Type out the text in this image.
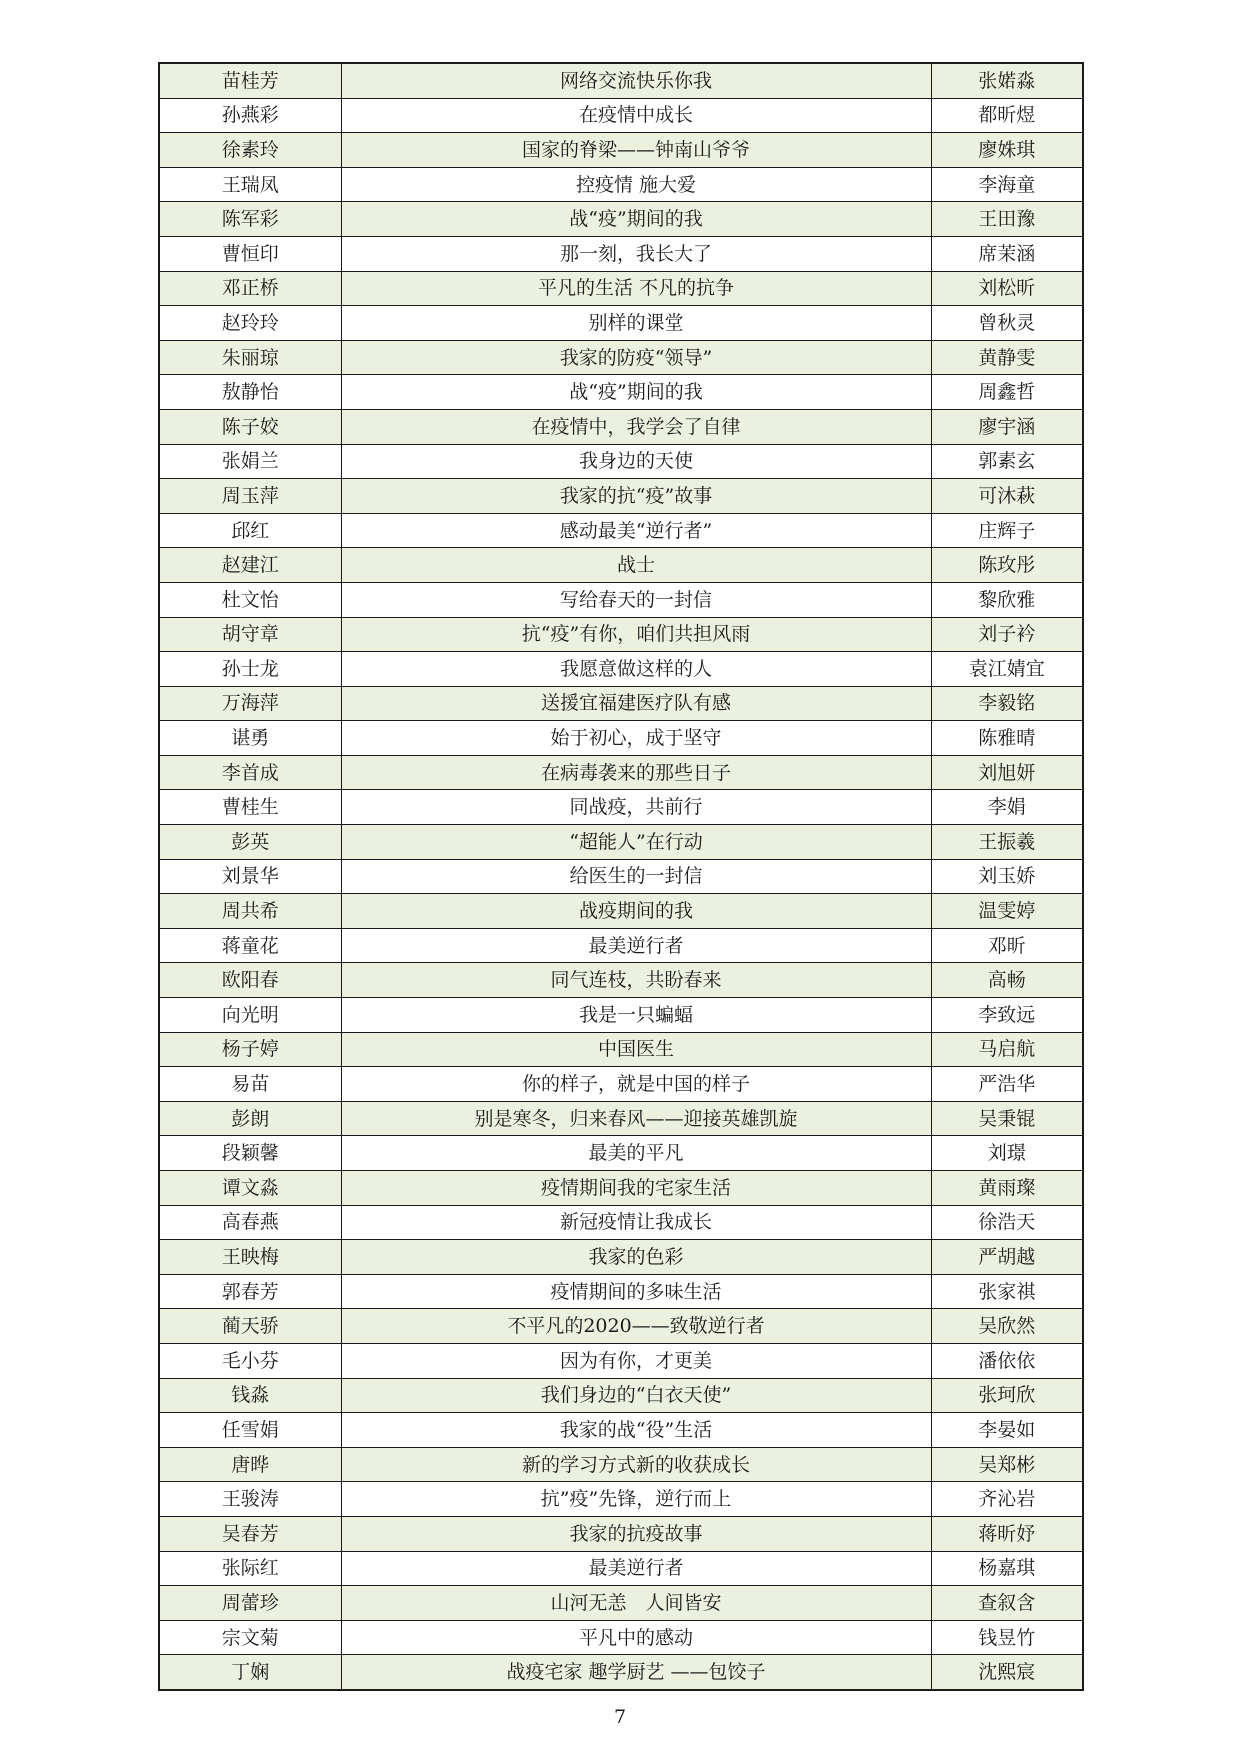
苗桂芳	网络交流快乐你我	张婼淼
孙燕彩	在疫情中成长	都昕煜
徐素玲	国家的脊梁——钟南山爷爷	廖姝琪
王瑞凤	控疫情 施大爱	李海童
陈军彩	战“疫”期间的我	王田豫
曹恒印	那一刻，我长大了	席茉涵
邓正桥	平凡的生活 不凡的抗争	刘松昕
赵玲玲	别样的课堂	曾秋灵
朱丽琼	我家的防疫“领导”	黄静雯
敖静怡	战“疫”期间的我	周鑫哲
陈子姣	在疫情中，我学会了自律	廖宇涵
张娟兰	我身边的天使	郭素玄
周玉萍	我家的抗“疫”故事	可沐萩
邱红	感动最美“逆行者”	庄辉子
赵建江	战士	陈玫彤
杜文怡	写给春天的一封信	黎欣雅
胡守章	抗“疫”有你，咱们共担风雨	刘子衿
孙士龙	我愿意做这样的人	袁江婧宜
万海萍	送援宜福建医疗队有感	李毅铭
谌勇	始于初心，成于坚守	陈雅晴
李首成	在病毒袭来的那些日子	刘旭妍
曹桂生	同战疫，共前行	李娟
彭英	“超能人”在行动	王振羲
刘景华	给医生的一封信	刘玉娇
周共希	战疫期间的我	温雯婷
蒋童花	最美逆行者	邓昕
欧阳春	同气连枝，共盼春来	高畅
向光明	我是一只蝙蝠	李致远
杨子婷	中国医生	马启航
易苗	你的样子，就是中国的样子	严浩华
彭朗	别是寒冬，归来春风——迎接英雄凯旋	吴秉锟
段颖馨	最美的平凡	刘璟
谭文淼	疫情期间我的宅家生活	黄雨璨
高春燕	新冠疫情让我成长	徐浩天
王映梅	我家的色彩	严胡越
郭春芳	疫情期间的多味生活	张家祺
蔺天骄	不平凡的2020——致敬逆行者	吴欣然
毛小芬	因为有你，才更美	潘依依
钱淼	我们身边的“白衣天使”	张珂欣
任雪娟	我家的战“役”生活	李晏如
唐晔	新的学习方式新的收获成长	吴郑彬
王骏涛	抗”疫”先锋，逆行而上	齐沁岩
吴春芳	我家的抗疫故事	蒋昕妤
张际红	最美逆行者	杨嘉琪
周蕾珍	山河无恙　人间皆安	查叙含
宗文菊	平凡中的感动	钱昱竹
丁娴	战疫宅家 趣学厨艺 ——包饺子	沈熙宸
7
